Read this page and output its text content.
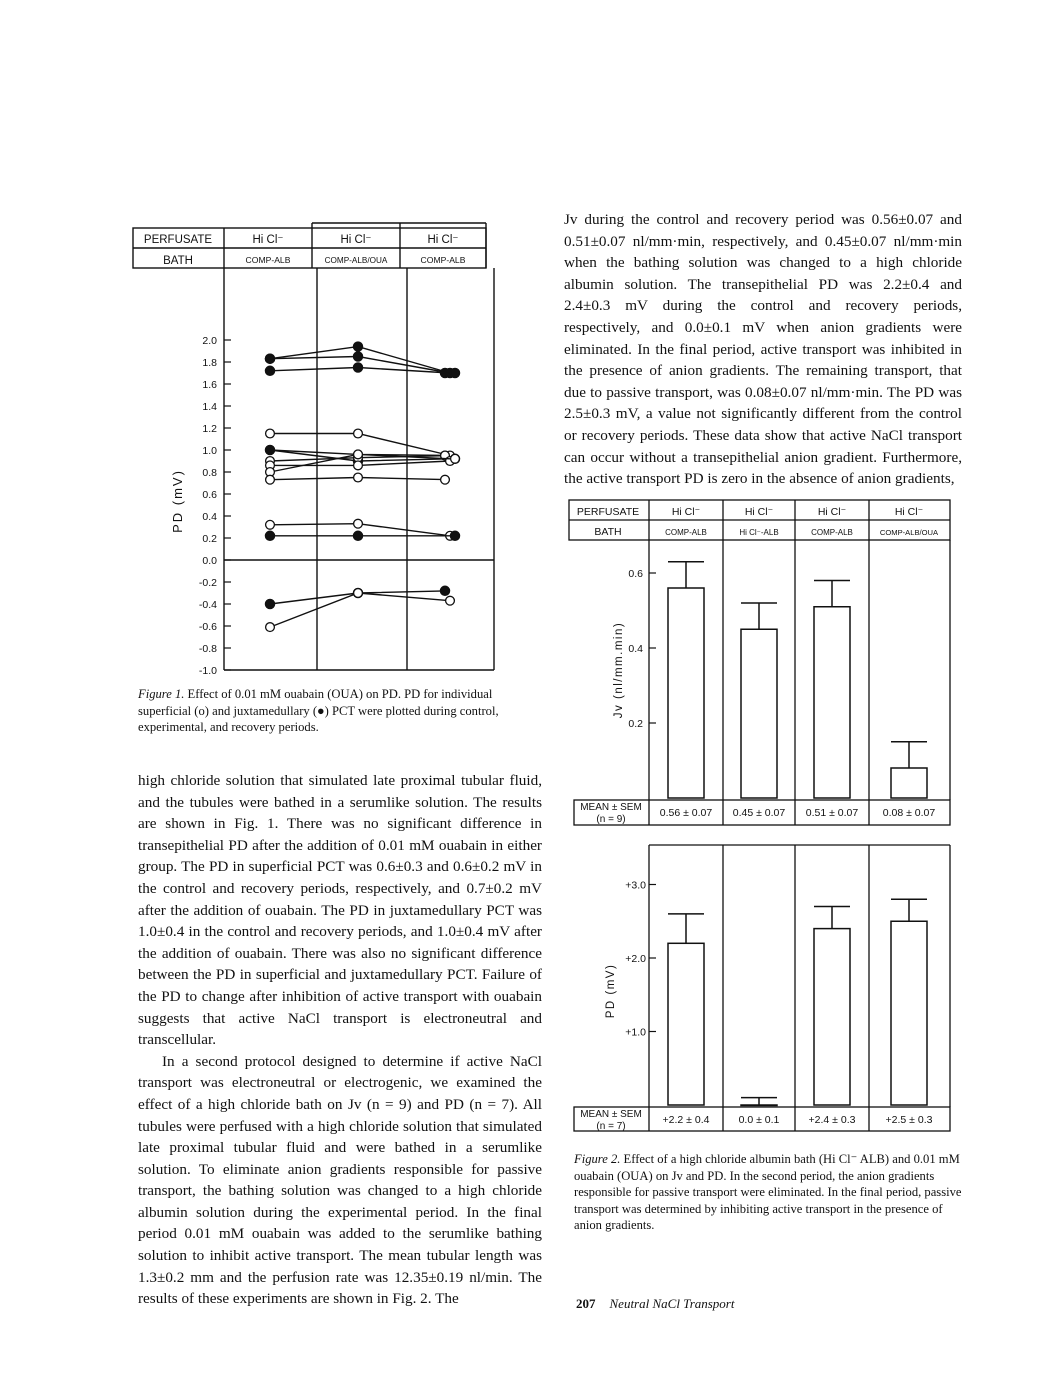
PERFUSATE
BATH
Hi Cl⁻	Hi Cl⁻	Hi Cl⁻
COMP-ALB	COMP-ALB/OUA	COMP-ALB
2.0
1.8
1.6
1.4
1.2
1.0
0.8
0.6
0.4
0.2
0.0
-0.2
-0.4
-0.6
-0.8
-1.0
PD (mV)
Figure 1. Effect of 0.01 mM ouabain (OUA) on PD. PD for individual superficial (o) and juxtamedullary (●) PCT were plotted during control, experimental, and recovery periods.

high chloride solution that simulated late proximal tubular fluid, and the tubules were bathed in a serumlike solution. The results are shown in Fig. 1. There was no significant difference in transepithelial PD after the addition of 0.01 mM ouabain in either group. The PD in superficial PCT was 0.6±0.3 and 0.6±0.2 mV in the control and recovery periods, respectively, and 0.7±0.2 mV after the addition of ouabain. The PD in juxtamedullary PCT was 1.0±0.4 in the control and recovery periods, and 1.0±0.4 mV after the addition of ouabain. There was also no significant difference between the PD in superficial and juxtamedullary PCT. Failure of the PD to change after inhibition of active transport with ouabain suggests that active NaCl transport is electroneutral and transcellular.

In a second protocol designed to determine if active NaCl transport was electroneutral or electrogenic, we examined the effect of a high chloride bath on Jv (n = 9) and PD (n = 7). All tubules were perfused with a high chloride solution that simulated late proximal tubular fluid and were bathed in a serumlike solution. To eliminate anion gradients responsible for passive transport, the bathing solution was changed to a high chloride albumin solution during the experimental period. In the final period 0.01 mM ouabain was added to the serumlike bathing solution to inhibit active transport. The mean tubular length was 1.3±0.2 mm and the perfusion rate was 12.35±0.19 nl/min. The results of these experiments are shown in Fig. 2. The

Jv during the control and recovery period was 0.56±0.07 and 0.51±0.07 nl/mm·min, respectively, and 0.45±0.07 nl/mm·min when the bathing solution was changed to a high chloride albumin solution. The transepithelial PD was 2.2±0.4 and 2.4±0.3 mV during the control and recovery periods, respectively, and 0.0±0.1 mV when anion gradients were eliminated. In the final period, active transport was inhibited in the presence of anion gradients. The remaining transport, that due to passive transport, was 0.08±0.07 nl/mm·min. The PD was 2.5±0.3 mV, a value not significantly different from the control or recovery periods. These data show that active NaCl transport can occur without a transepithelial anion gradient. Furthermore, the active transport PD is zero in the absence of anion gradients,

PERFUSATE
BATH
Hi Cl⁻	Hi Cl⁻	Hi Cl⁻	Hi Cl⁻
COMP-ALB	Hi Cl⁻-ALB	COMP-ALB	COMP-ALB/OUA
0.6
0.4
0.2
Jv (nl/mm.min)
MEAN ± SEM
(n = 9)
0.56 ± 0.07 0.45 ± 0.07 0.51 ± 0.07 0.08 ± 0.07
+3.0
+2.0
+1.0
PD (mV)
MEAN ± SEM
(n = 7)
+2.2 ± 0.4	0.0 ± 0.1	+2.4 ± 0.3	+2.5 ± 0.3
Figure 2. Effect of a high chloride albumin bath (Hi Cl⁻ ALB) and 0.01 mM ouabain (OUA) on Jv and PD. In the second period, the anion gradients responsible for passive transport were eliminated. In the final period, passive transport was determined by inhibiting active transport in the presence of anion gradients.
207 Neutral NaCl Transport
